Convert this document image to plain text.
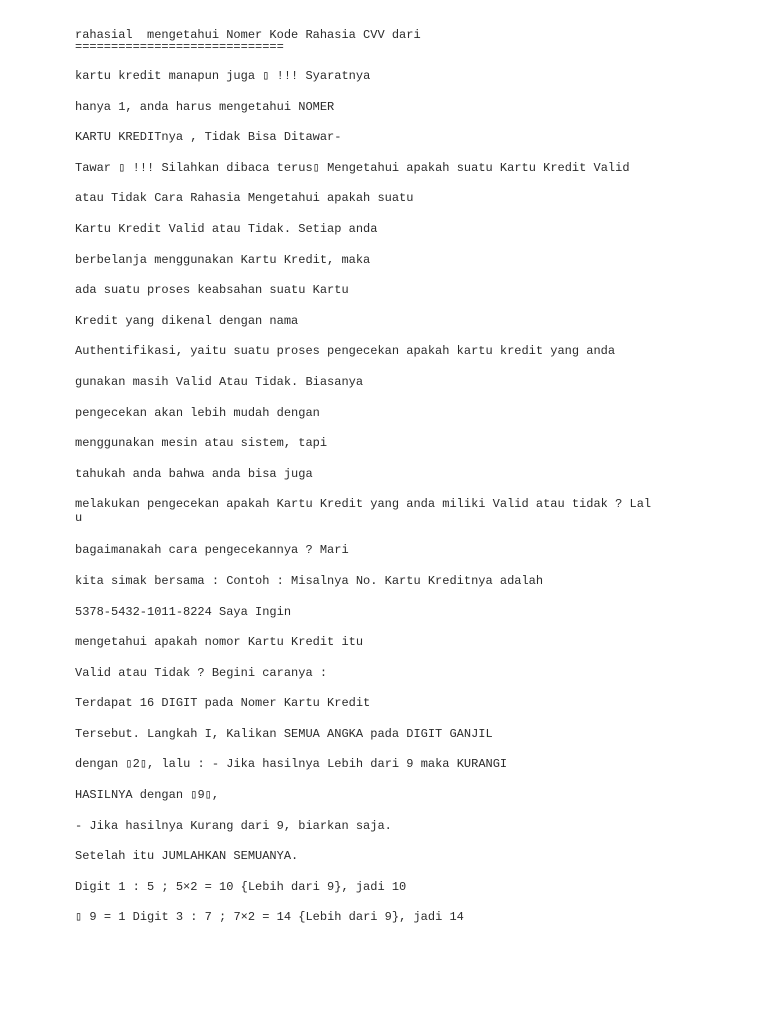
rahasial  mengetahui Nomer Kode Rahasia CVV dari
=============================
kartu kredit manapun juga ▯ !!! Syaratnya
hanya 1, anda harus mengetahui NOMER
KARTU KREDITnya , Tidak Bisa Ditawar-
Tawar ▯ !!! Silahkan dibaca terus▯ Mengetahui apakah suatu Kartu Kredit Valid
atau Tidak Cara Rahasia Mengetahui apakah suatu
Kartu Kredit Valid atau Tidak. Setiap anda
berbelanja menggunakan Kartu Kredit, maka
ada suatu proses keabsahan suatu Kartu
Kredit yang dikenal dengan nama
Authentifikasi, yaitu suatu proses pengecekan apakah kartu kredit yang anda
gunakan masih Valid Atau Tidak. Biasanya
pengecekan akan lebih mudah dengan
menggunakan mesin atau sistem, tapi
tahukah anda bahwa anda bisa juga
melakukan pengecekan apakah Kartu Kredit yang anda miliki Valid atau tidak ? Lal
u
bagaimanakah cara pengecekannya ? Mari
kita simak bersama : Contoh : Misalnya No. Kartu Kreditnya adalah
5378-5432-1011-8224 Saya Ingin
mengetahui apakah nomor Kartu Kredit itu
Valid atau Tidak ? Begini caranya :
Terdapat 16 DIGIT pada Nomer Kartu Kredit
Tersebut. Langkah I, Kalikan SEMUA ANGKA pada DIGIT GANJIL
dengan ▯2▯, lalu : - Jika hasilnya Lebih dari 9 maka KURANGI
HASILNYA dengan ▯9▯,
- Jika hasilnya Kurang dari 9, biarkan saja.
Setelah itu JUMLAHKAN SEMUANYA.
Digit 1 : 5 ; 5×2 = 10 {Lebih dari 9}, jadi 10
▯ 9 = 1 Digit 3 : 7 ; 7×2 = 14 {Lebih dari 9}, jadi 14
